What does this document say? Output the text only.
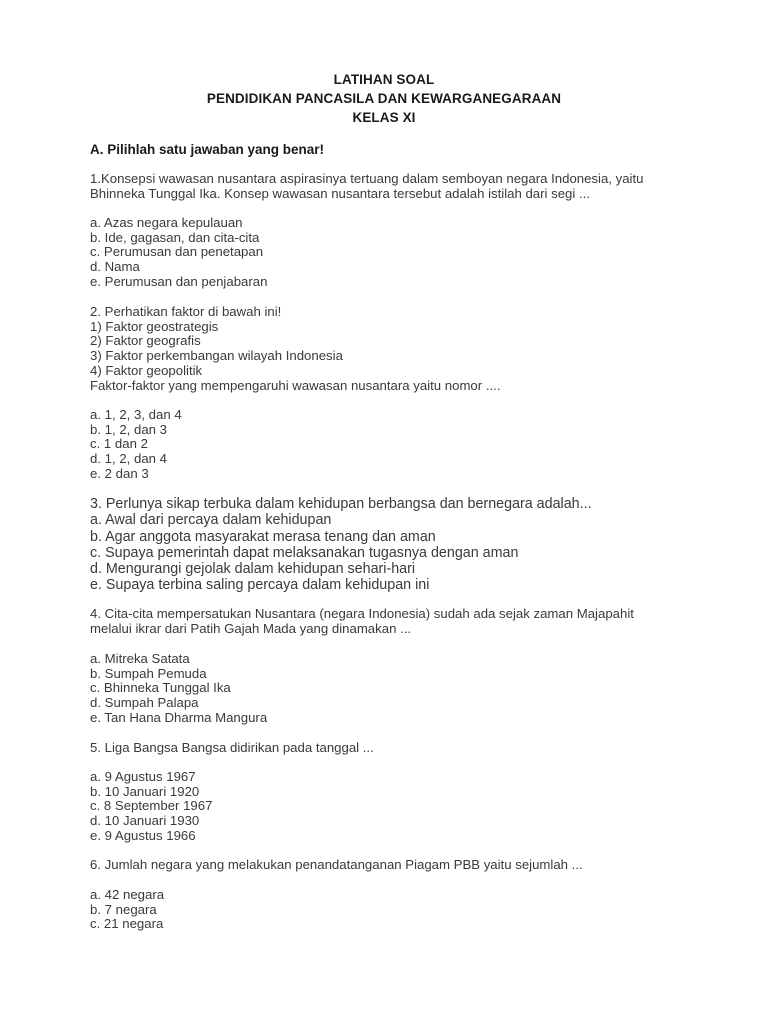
LATIHAN SOAL
PENDIDIKAN PANCASILA DAN KEWARGANEGARAAN
KELAS XI
A. Pilihlah satu jawaban yang benar!
1.Konsepsi wawasan nusantara aspirasinya tertuang dalam semboyan negara Indonesia, yaitu
Bhinneka Tunggal Ika. Konsep wawasan nusantara tersebut adalah istilah dari segi ...
a. Azas negara kepulauan
b. Ide, gagasan, dan cita-cita
c. Perumusan dan penetapan
d. Nama
e. Perumusan dan penjabaran
2. Perhatikan faktor di bawah ini!
1) Faktor geostrategis
2) Faktor geografis
3) Faktor perkembangan wilayah Indonesia
4) Faktor geopolitik
Faktor-faktor yang mempengaruhi wawasan nusantara yaitu nomor ....
a. 1, 2, 3, dan 4
b. 1, 2, dan 3
c. 1 dan 2
d. 1, 2, dan 4
e. 2 dan 3
3. Perlunya sikap terbuka dalam kehidupan berbangsa dan bernegara adalah...
a. Awal dari percaya dalam kehidupan
b. Agar anggota masyarakat merasa tenang dan aman
c. Supaya pemerintah dapat melaksanakan tugasnya dengan aman
d. Mengurangi gejolak dalam kehidupan sehari-hari
e. Supaya terbina saling percaya dalam kehidupan ini
4. Cita-cita mempersatukan Nusantara (negara Indonesia) sudah ada sejak zaman Majapahit
melalui ikrar dari Patih Gajah Mada yang dinamakan ...
a. Mitreka Satata
b. Sumpah Pemuda
c. Bhinneka Tunggal Ika
d. Sumpah Palapa
e. Tan Hana Dharma Mangura
5. Liga Bangsa Bangsa didirikan pada tanggal ...
a. 9 Agustus 1967
b. 10 Januari 1920
c. 8 September 1967
d. 10 Januari 1930
e. 9 Agustus 1966
6. Jumlah negara yang melakukan penandatanganan Piagam PBB yaitu sejumlah ...
a. 42 negara
b. 7 negara
c. 21 negara
